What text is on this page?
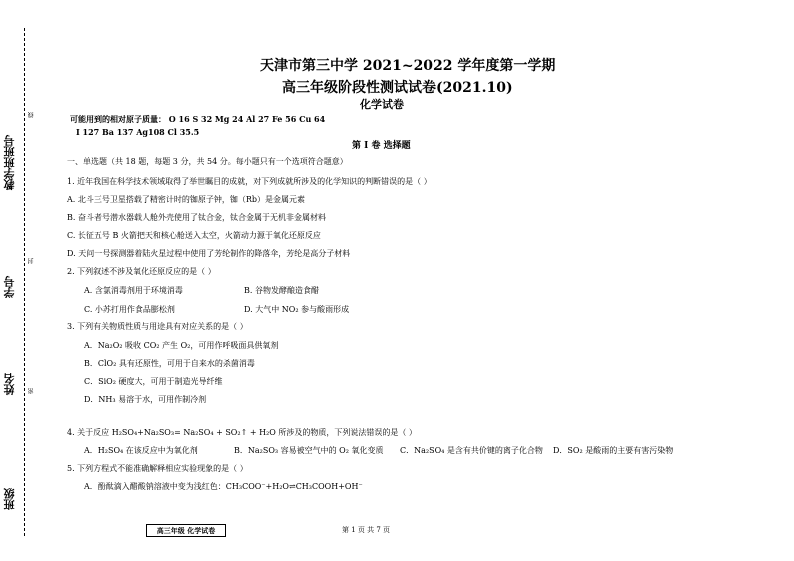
教学班班号
学号
姓名
班级
线
封
密
天津市第三中学 2021~2022 学年度第一学期
高三年级阶段性测试试卷(2021.10)
化学试卷
可能用到的相对原子质量： O 16 S 32 Mg 24 Al 27 Fe 56 Cu 64
I 127 Ba 137 Ag108 Cl 35.5
第 I 卷 选择题
一、单选题（共 18 题，每题 3 分，共 54 分。每小题只有一个选项符合题意）
1. 近年我国在科学技术领域取得了举世瞩目的成就，对下列成就所涉及的化学知识的判断错误的是（ ）
A. 北斗三号卫星搭载了精密计时的铷原子钟，铷（Rb）是金属元素
B. 奋斗者号潜水器载人舱外壳使用了钛合金，钛合金属于无机非金属材料
C. 长征五号 B 火箭把天和核心舱送入太空，火箭动力源于氧化还原反应
D. 天问一号探测器着陆火星过程中使用了芳纶制作的降落伞，芳纶是高分子材料
2. 下列叙述不涉及氧化还原反应的是（ ）
A. 含氯消毒剂用于环境消毒	B. 谷物发酵酿造食醋
C. 小苏打用作食品膨松剂	D. 大气中 NO₂ 参与酸雨形成
3. 下列有关物质性质与用途具有对应关系的是（ ）
A．Na₂O₂ 吸收 CO₂ 产生 O₂，可用作呼吸面具供氧剂
B．ClO₂ 具有还原性，可用于自来水的杀菌消毒
C．SiO₂ 硬度大，可用于制造光导纤维
D．NH₃ 易溶于水，可用作制冷剂
4. 关于反应 H₂SO₄+Na₂SO₃= Na₂SO₄ + SO₂↑ + H₂O 所涉及的物质，下列说法错误的是（ ）
A．H₂SO₄ 在该反应中为氧化剂	B．Na₂SO₃ 容易被空气中的 O₂ 氧化变质 C．Na₂SO₄ 是含有共价键的离子化合物 D．SO₂ 是酸雨的主要有害污染物
5. 下列方程式不能准确解释相应实验现象的是（ ）
A．酚酞滴入醋酸钠溶液中变为浅红色：CH₃COO⁻+H₂O⇌CH₃COOH+OH⁻
高三年级 化学试卷	第 1 页 共 7 页
